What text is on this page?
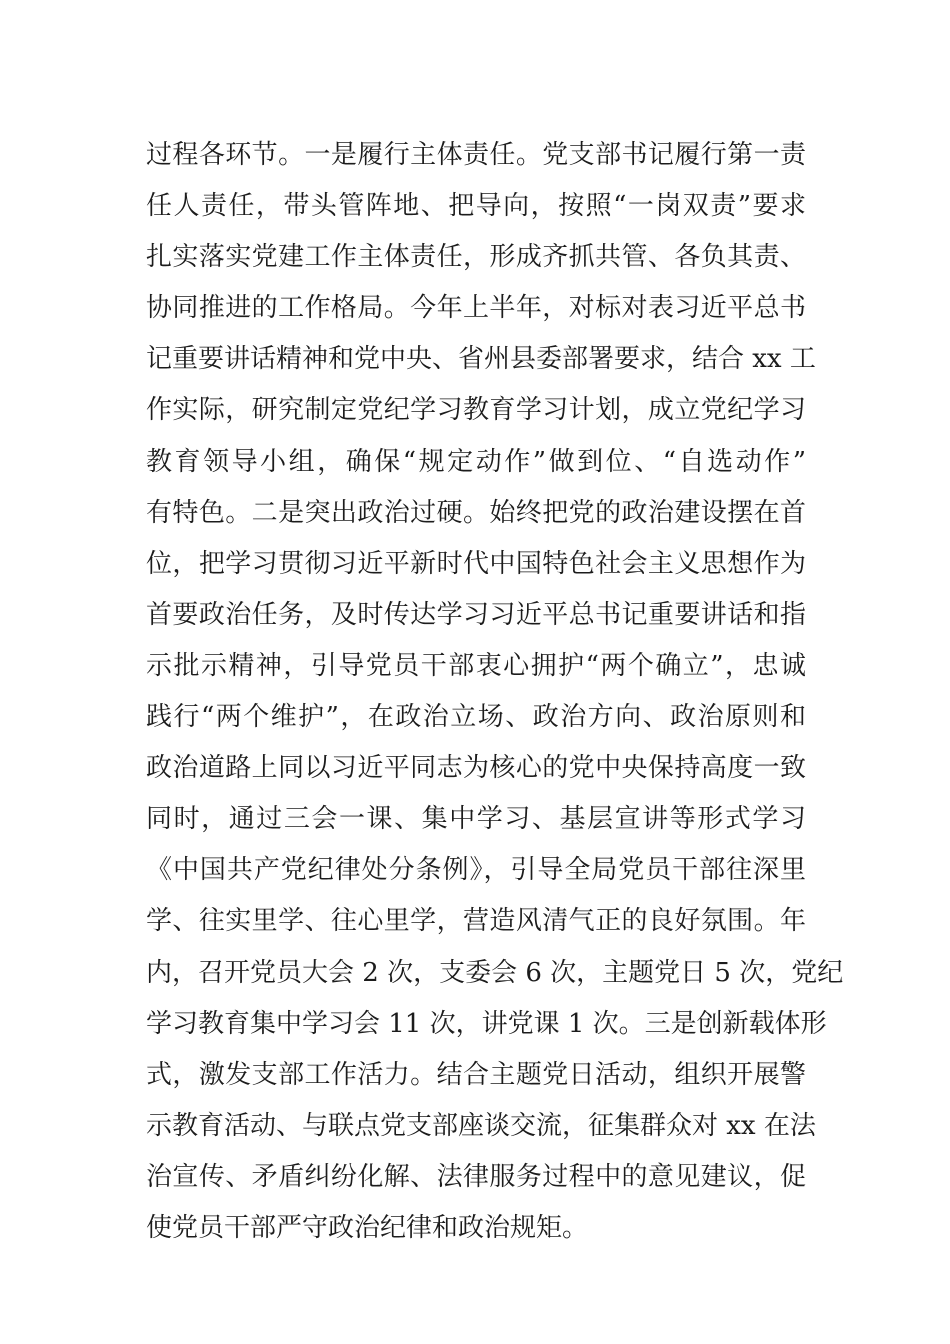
过程各环节。一是履行主体责任。党支部书记履行第一责
任人责任，带头管阵地、把导向，按照“一岗双责”要求
扎实落实党建工作主体责任，形成齐抓共管、各负其责、
协同推进的工作格局。今年上半年，对标对表习近平总书
记重要讲话精神和党中央、省州县委部署要求，结合 xx 工
作实际，研究制定党纪学习教育学习计划，成立党纪学习
教育领导小组，确保“规定动作”做到位、“自选动作”
有特色。二是突出政治过硬。始终把党的政治建设摆在首
位，把学习贯彻习近平新时代中国特色社会主义思想作为
首要政治任务，及时传达学习习近平总书记重要讲话和指
示批示精神，引导党员干部衷心拥护“两个确立”，忠诚
践行“两个维护”，在政治立场、政治方向、政治原则和
政治道路上同以习近平同志为核心的党中央保持高度一致
同时，通过三会一课、集中学习、基层宣讲等形式学习
《中国共产党纪律处分条例》，引导全局党员干部往深里
学、往实里学、往心里学，营造风清气正的良好氛围。年
内，召开党员大会 2 次，支委会 6 次，主题党日 5 次，党纪
学习教育集中学习会 11 次，讲党课 1 次。三是创新载体形
式，激发支部工作活力。结合主题党日活动，组织开展警
示教育活动、与联点党支部座谈交流，征集群众对 xx 在法
治宣传、矛盾纠纷化解、法律服务过程中的意见建议，促
使党员干部严守政治纪律和政治规矩。
